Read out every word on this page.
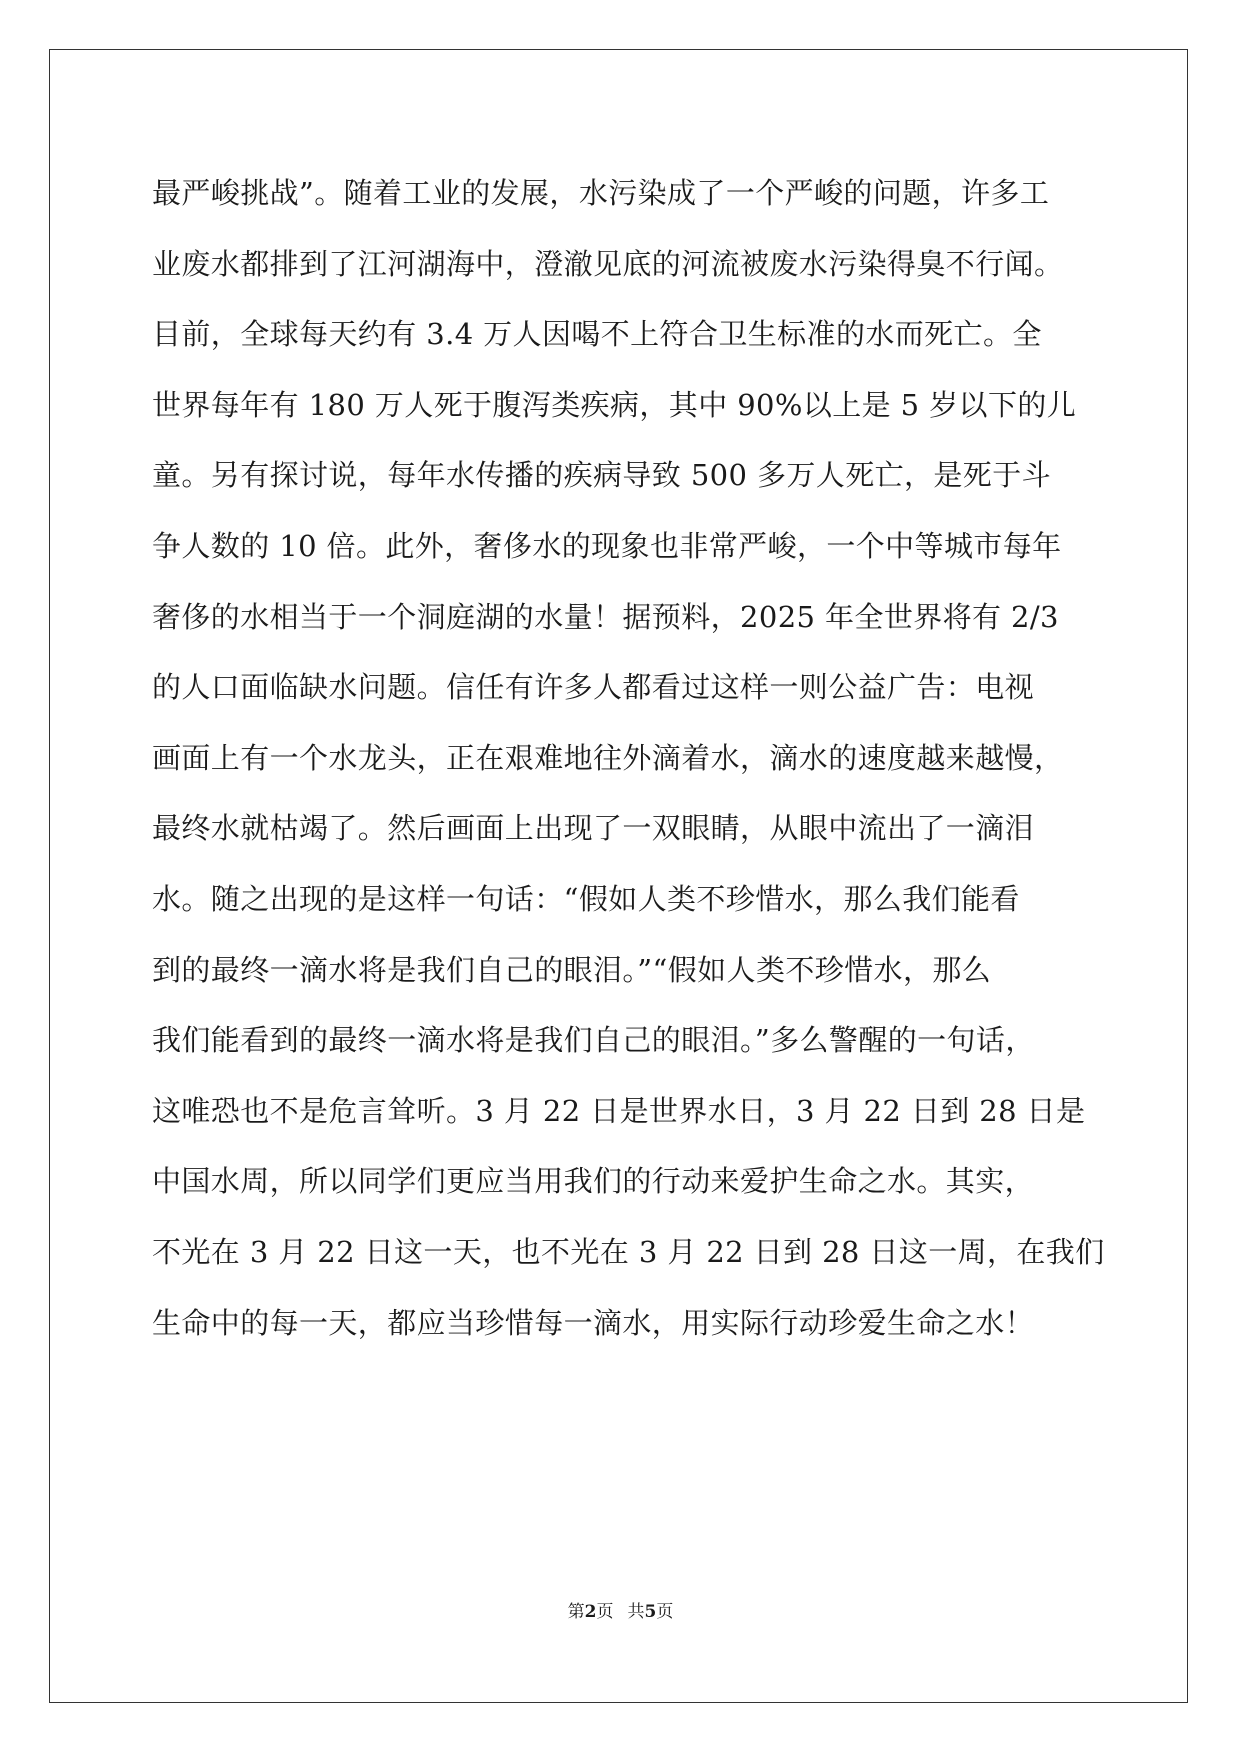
最严峻挑战”。随着工业的发展，水污染成了一个严峻的问题，许多工
业废水都排到了江河湖海中，澄澈见底的河流被废水污染得臭不行闻。
目前，全球每天约有 3.4 万人因喝不上符合卫生标准的水而死亡。全
世界每年有 180 万人死于腹泻类疾病，其中 90%以上是 5 岁以下的儿
童。另有探讨说，每年水传播的疾病导致 500 多万人死亡，是死于斗
争人数的 10 倍。此外，奢侈水的现象也非常严峻，一个中等城市每年
奢侈的水相当于一个洞庭湖的水量！据预料，2025 年全世界将有 2/3
的人口面临缺水问题。信任有许多人都看过这样一则公益广告：电视
画面上有一个水龙头，正在艰难地往外滴着水，滴水的速度越来越慢，
最终水就枯竭了。然后画面上出现了一双眼睛，从眼中流出了一滴泪
水。随之出现的是这样一句话：“假如人类不珍惜水，那么我们能看
到的最终一滴水将是我们自己的眼泪。”“假如人类不珍惜水，那么
我们能看到的最终一滴水将是我们自己的眼泪。”多么警醒的一句话，
这唯恐也不是危言耸听。3 月 22 日是世界水日，3 月 22 日到 28 日是
中国水周，所以同学们更应当用我们的行动来爱护生命之水。其实，
不光在 3 月 22 日这一天，也不光在 3 月 22 日到 28 日这一周，在我们
生命中的每一天，都应当珍惜每一滴水，用实际行动珍爱生命之水！
第2页 共5页
